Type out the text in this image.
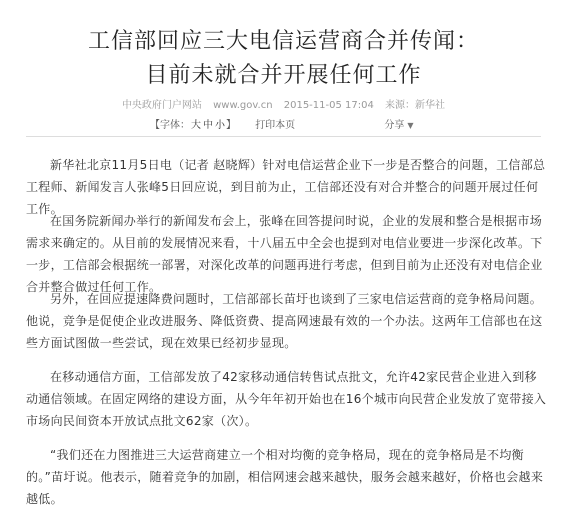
工信部回应三大电信运营商合并传闻：
目前未就合并开展任何工作
中央政府门户网站 www.gov.cn 2015-11-05 17:04 来源：新华社
【字体：大 中 小】 打印本页	分享 ▼

新华社北京11月5日电（记者 赵晓辉）针对电信运营企业下一步是否整合的问题，工信部总工程师、新闻发言人张峰5日回应说，到目前为止，工信部还没有对合并整合的问题开展过任何工作。

在国务院新闻办举行的新闻发布会上，张峰在回答提问时说，企业的发展和整合是根据市场需求来确定的。从目前的发展情况来看，十八届五中全会也提到对电信业要进一步深化改革。下一步，工信部会根据统一部署，对深化改革的问题再进行考虑，但到目前为止还没有对电信企业合并整合做过任何工作。

另外，在回应提速降费问题时，工信部部长苗圩也谈到了三家电信运营商的竞争格局问题。他说，竞争是促使企业改进服务、降低资费、提高网速最有效的一个办法。这两年工信部也在这些方面试图做一些尝试，现在效果已经初步显现。

在移动通信方面，工信部发放了42家移动通信转售试点批文，允许42家民营企业进入到移动通信领域。在固定网络的建设方面，从今年年初开始也在16个城市向民营企业发放了宽带接入市场向民间资本开放试点批文62家（次）。

“我们还在力图推进三大运营商建立一个相对均衡的竞争格局，现在的竞争格局是不均衡的。”苗圩说。他表示，随着竞争的加剧，相信网速会越来越快，服务会越来越好，价格也会越来越低。
